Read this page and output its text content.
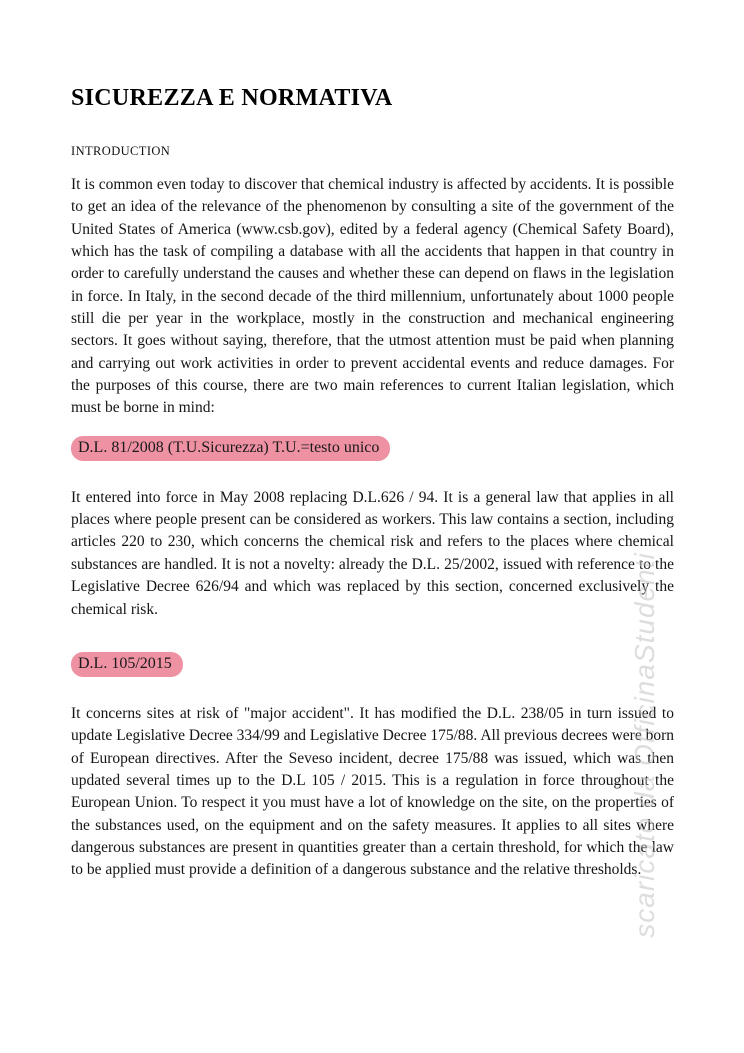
SICUREZZA E NORMATIVA
INTRODUCTION

It is common even today to discover that chemical industry is affected by accidents. It is possible to get an idea of the relevance of the phenomenon by consulting a site of the government of the United States of America (www.csb.gov), edited by a federal agency (Chemical Safety Board), which has the task of compiling a database with all the accidents that happen in that country in order to carefully understand the causes and whether these can depend on flaws in the legislation in force. In Italy, in the second decade of the third millennium, unfortunately about 1000 people still die per year in the workplace, mostly in the construction and mechanical engineering sectors. It goes without saying, therefore, that the utmost attention must be paid when planning and carrying out work activities in order to prevent accidental events and reduce damages. For the purposes of this course, there are two main references to current Italian legislation, which must be borne in mind:

D.L. 81/2008 (T.U.Sicurezza) T.U.=testo unico

It entered into force in May 2008 replacing D.L.626 / 94. It is a general law that applies in all places where people present can be considered as workers. This law contains a section, including articles 220 to 230, which concerns the chemical risk and refers to the places where chemical substances are handled. It is not a novelty: already the D.L. 25/2002, issued with reference to the Legislative Decree 626/94 and which was replaced by this section, concerned exclusively the chemical risk.

D.L. 105/2015

It concerns sites at risk of "major accident". It has modified the D.L. 238/05 in turn issued to update Legislative Decree 334/99 and Legislative Decree 175/88. All previous decrees were born of European directives. After the Seveso incident, decree 175/88 was issued, which was then updated several times up to the D.L 105 / 2015. This is a regulation in force throughout the European Union. To respect it you must have a lot of knowledge on the site, on the properties of the substances used, on the equipment and on the safety measures. It applies to all sites where dangerous substances are present in quantities greater than a certain threshold, for which the law to be applied must provide a definition of a dangerous substance and the relative thresholds.

scaricato da OfficinaStudenti
